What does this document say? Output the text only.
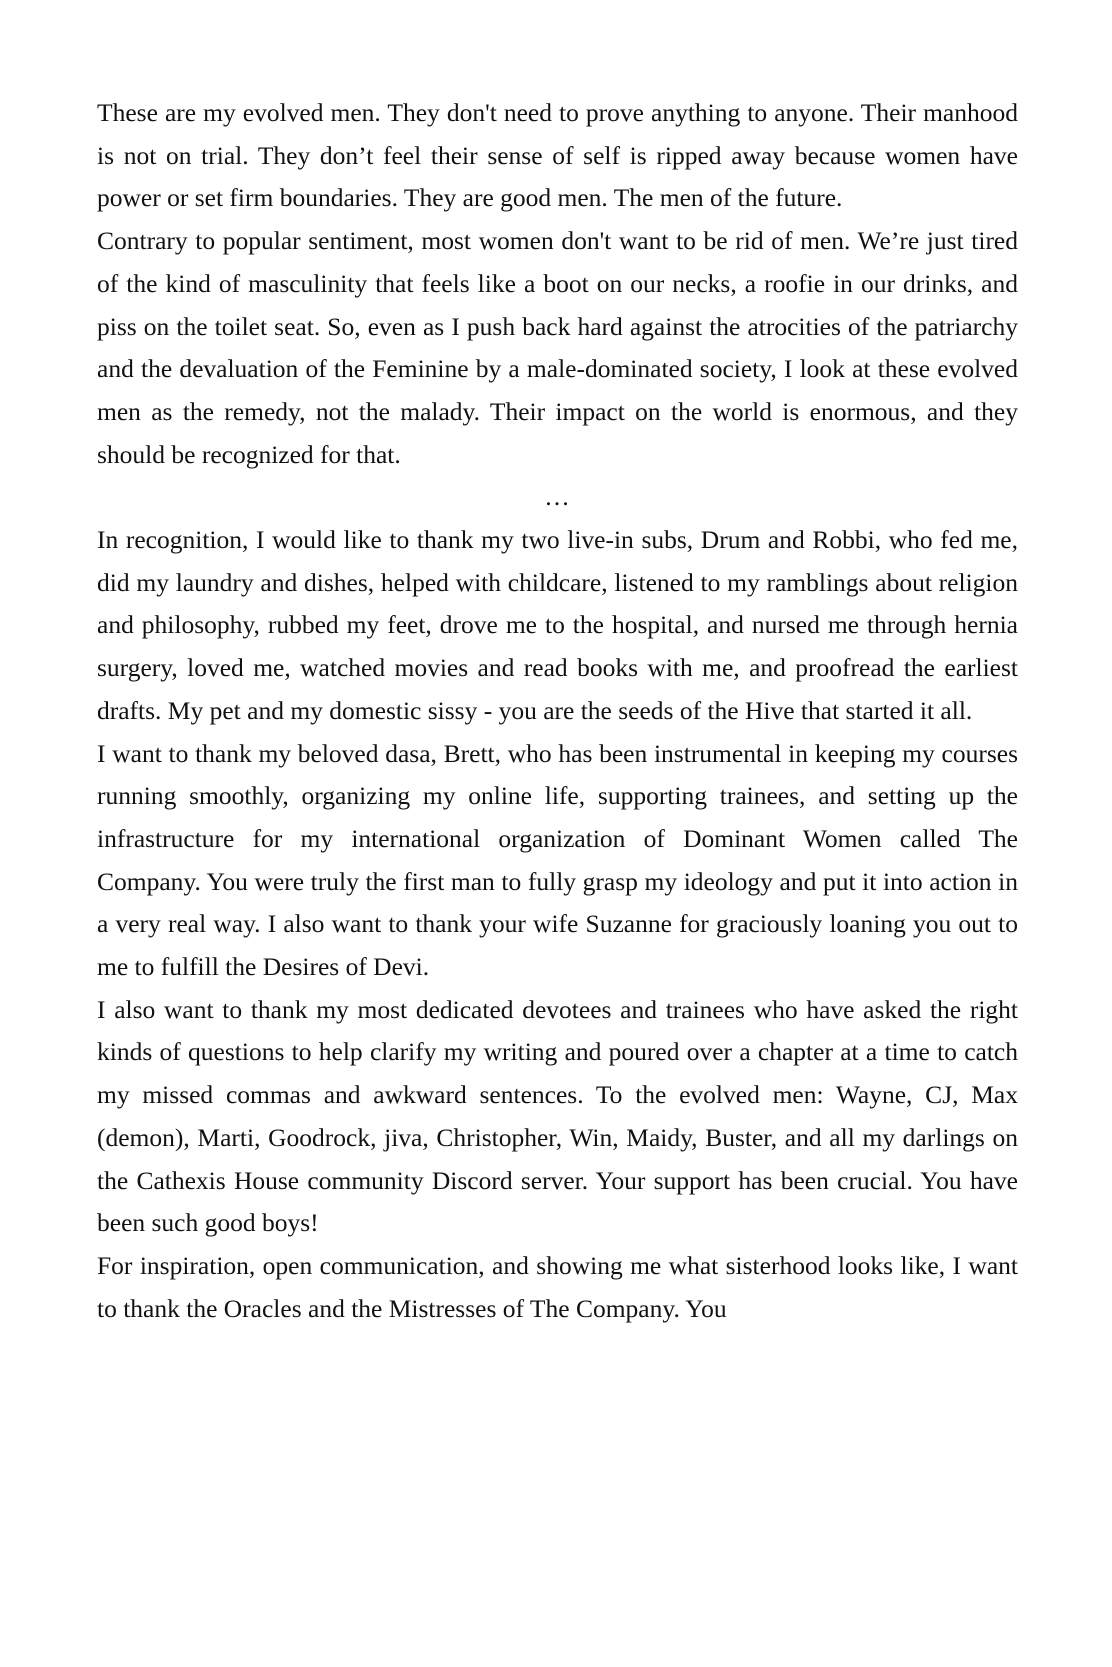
These are my evolved men. They don't need to prove anything to anyone. Their manhood is not on trial. They don’t feel their sense of self is ripped away because women have power or set firm boundaries. They are good men. The men of the future.

Contrary to popular sentiment, most women don't want to be rid of men. We’re just tired of the kind of masculinity that feels like a boot on our necks, a roofie in our drinks, and piss on the toilet seat. So, even as I push back hard against the atrocities of the patriarchy and the devaluation of the Feminine by a male-dominated society, I look at these evolved men as the remedy, not the malady. Their impact on the world is enormous, and they should be recognized for that.

…

In recognition, I would like to thank my two live-in subs, Drum and Robbi, who fed me, did my laundry and dishes, helped with childcare, listened to my ramblings about religion and philosophy, rubbed my feet, drove me to the hospital, and nursed me through hernia surgery, loved me, watched movies and read books with me, and proofread the earliest drafts. My pet and my domestic sissy - you are the seeds of the Hive that started it all.

I want to thank my beloved dasa, Brett, who has been instrumental in keeping my courses running smoothly, organizing my online life, supporting trainees, and setting up the infrastructure for my international organization of Dominant Women called The Company. You were truly the first man to fully grasp my ideology and put it into action in a very real way. I also want to thank your wife Suzanne for graciously loaning you out to me to fulfill the Desires of Devi.

I also want to thank my most dedicated devotees and trainees who have asked the right kinds of questions to help clarify my writing and poured over a chapter at a time to catch my missed commas and awkward sentences. To the evolved men: Wayne, CJ, Max (demon), Marti, Goodrock, jiva, Christopher, Win, Maidy, Buster, and all my darlings on the Cathexis House community Discord server. Your support has been crucial. You have been such good boys!

For inspiration, open communication, and showing me what sisterhood looks like, I want to thank the Oracles and the Mistresses of The Company. You
